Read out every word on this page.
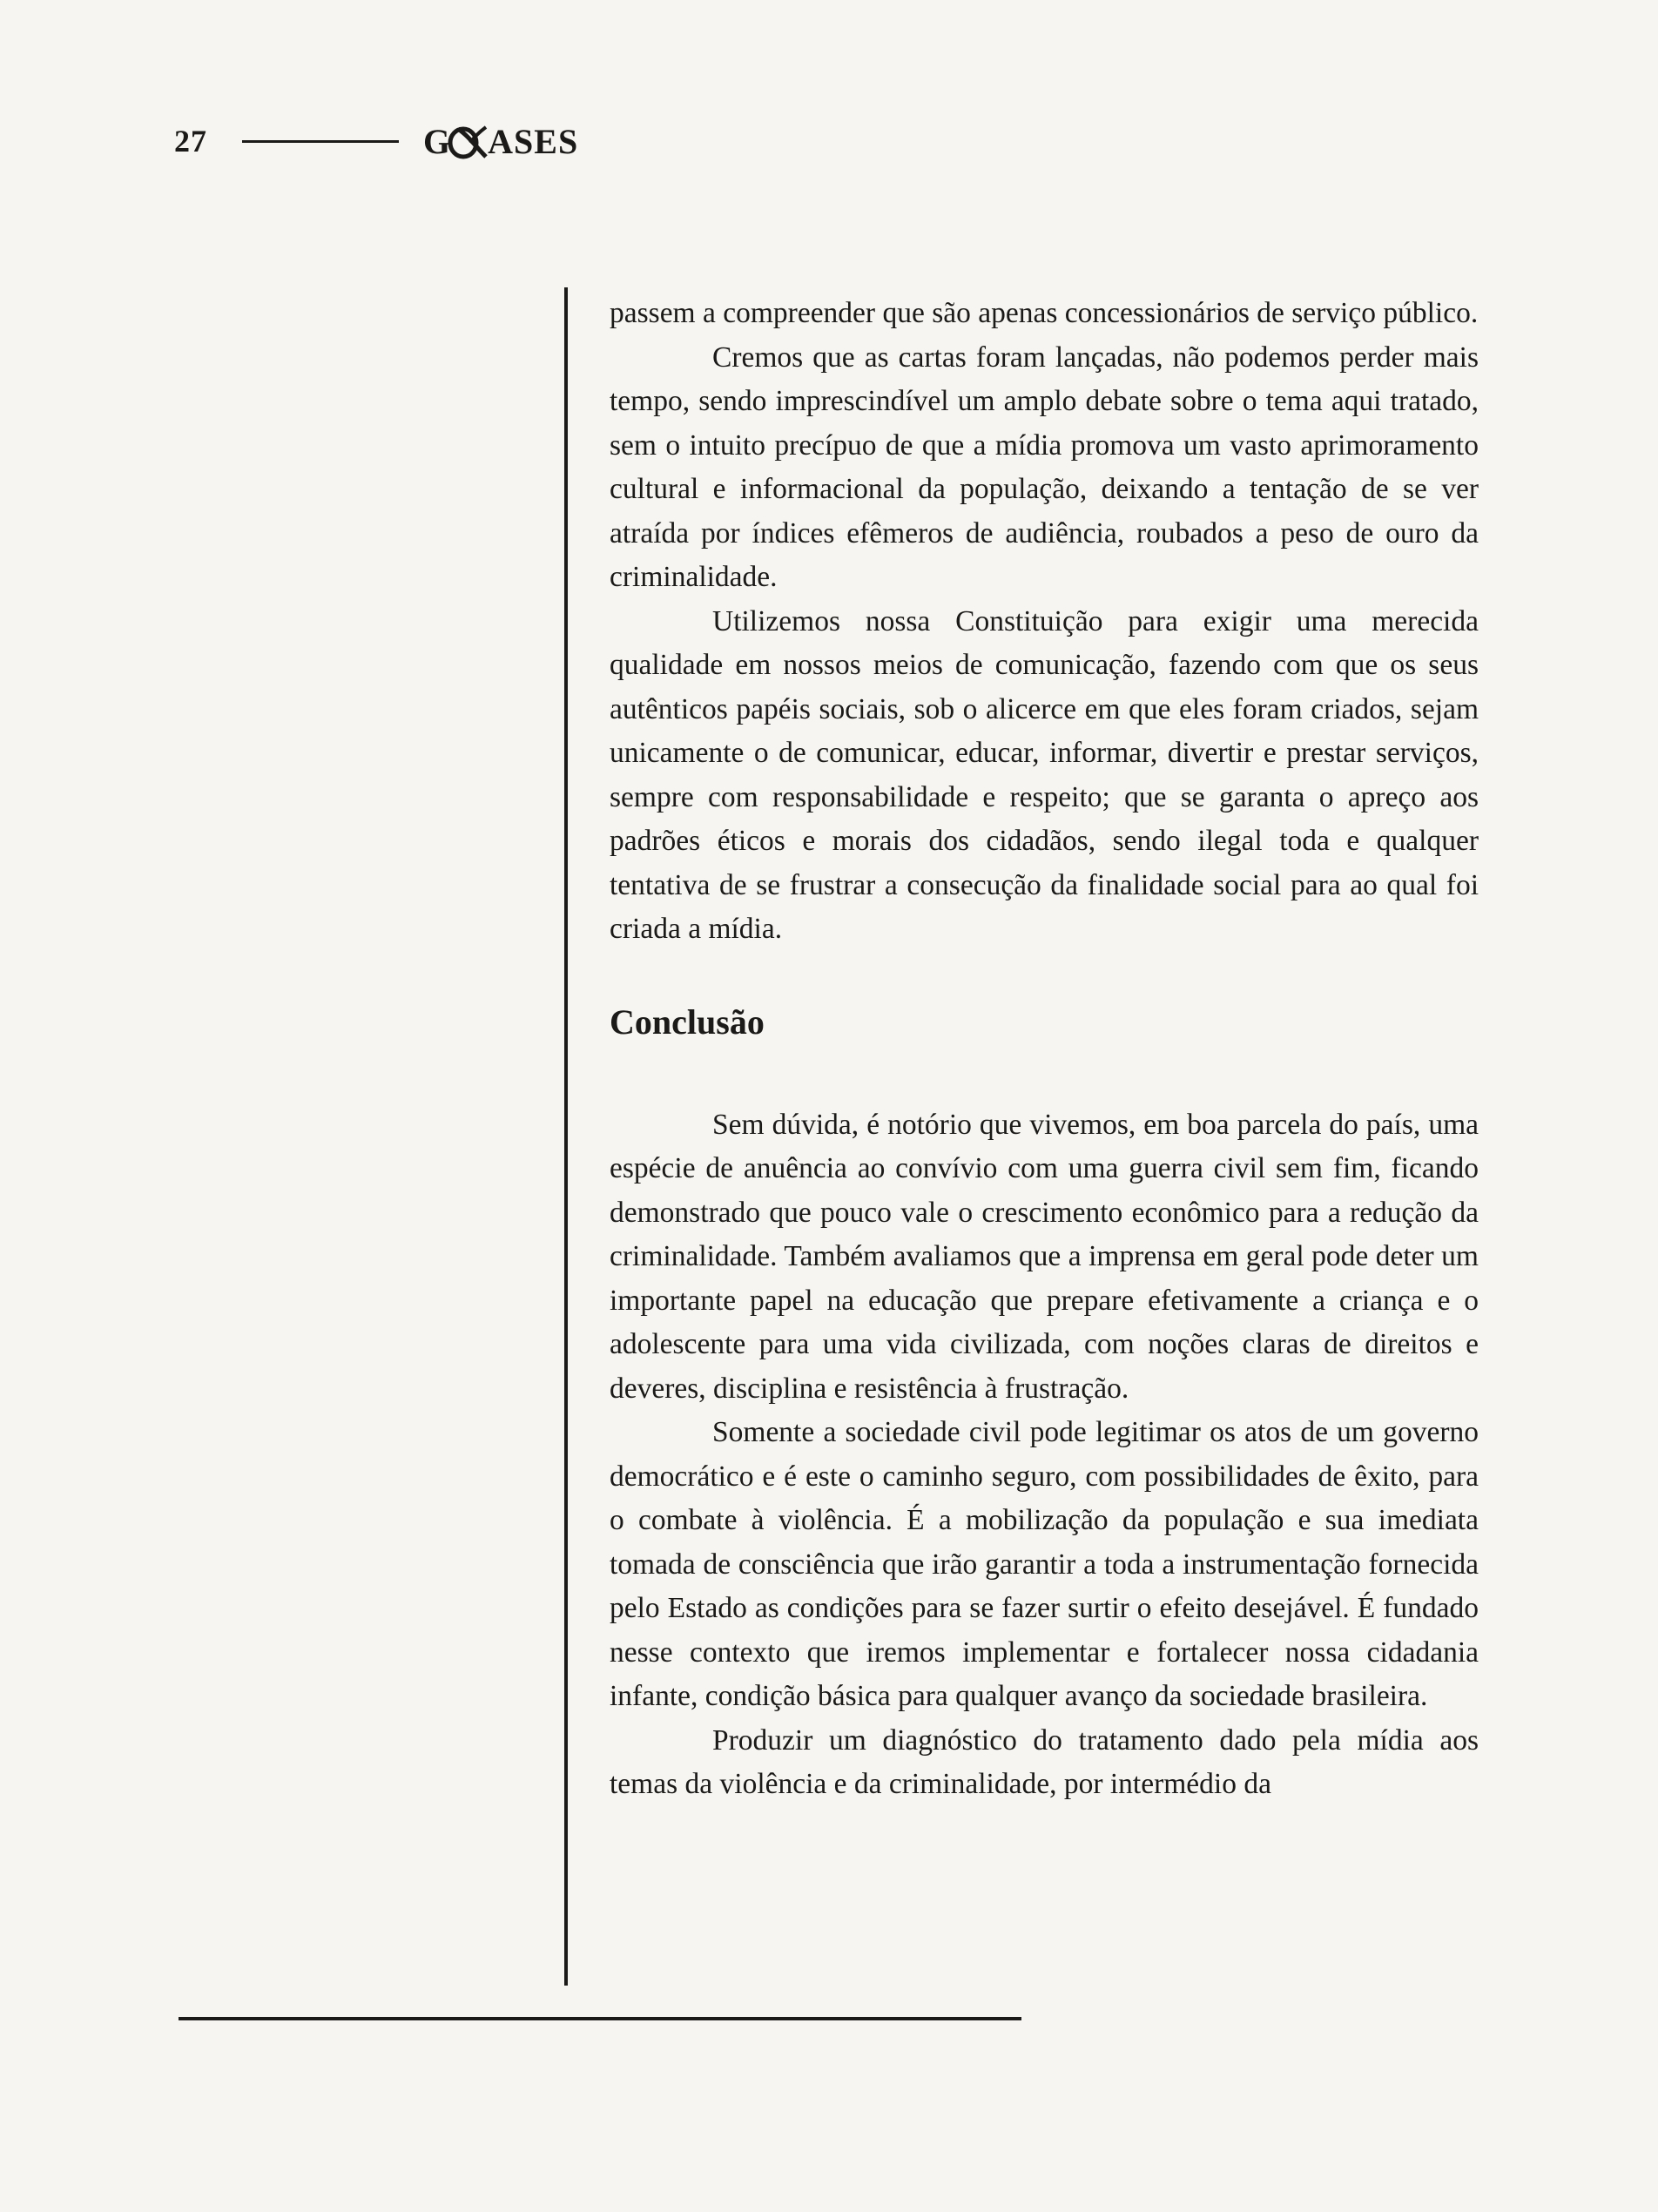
27	G ASES

passem a compreender que são apenas concessionários de serviço público.

Cremos que as cartas foram lançadas, não podemos perder mais tempo, sendo imprescindível um amplo debate sobre o tema aqui tratado, sem o intuito precípuo de que a mídia promova um vasto aprimoramento cultural e informacional da população, deixando a tentação de se ver atraída por índices efêmeros de audiência, roubados a peso de ouro da criminalidade.

Utilizemos nossa Constituição para exigir uma merecida qualidade em nossos meios de comunicação, fazendo com que os seus autênticos papéis sociais, sob o alicerce em que eles foram criados, sejam unicamente o de comunicar, educar, informar, divertir e prestar serviços, sempre com responsabilidade e respeito; que se garanta o apreço aos padrões éticos e morais dos cidadãos, sendo ilegal toda e qualquer tentativa de se frustrar a consecução da finalidade social para ao qual foi criada a mídia.

Conclusão

Sem dúvida, é notório que vivemos, em boa parcela do país, uma espécie de anuência ao convívio com uma guerra civil sem fim, ficando demonstrado que pouco vale o crescimento econômico para a redução da criminalidade. Também avaliamos que a imprensa em geral pode deter um importante papel na educação que prepare efetivamente a criança e o adolescente para uma vida civilizada, com noções claras de direitos e deveres, disciplina e resistência à frustração.

Somente a sociedade civil pode legitimar os atos de um governo democrático e é este o caminho seguro, com possibilidades de êxito, para o combate à violência. É a mobilização da população e sua imediata tomada de consciência que irão garantir a toda a instrumentação fornecida pelo Estado as condições para se fazer surtir o efeito desejável. É fundado nesse contexto que iremos implementar e fortalecer nossa cidadania infante, condição básica para qualquer avanço da sociedade brasileira.

Produzir um diagnóstico do tratamento dado pela mídia aos temas da violência e da criminalidade, por intermédio da
